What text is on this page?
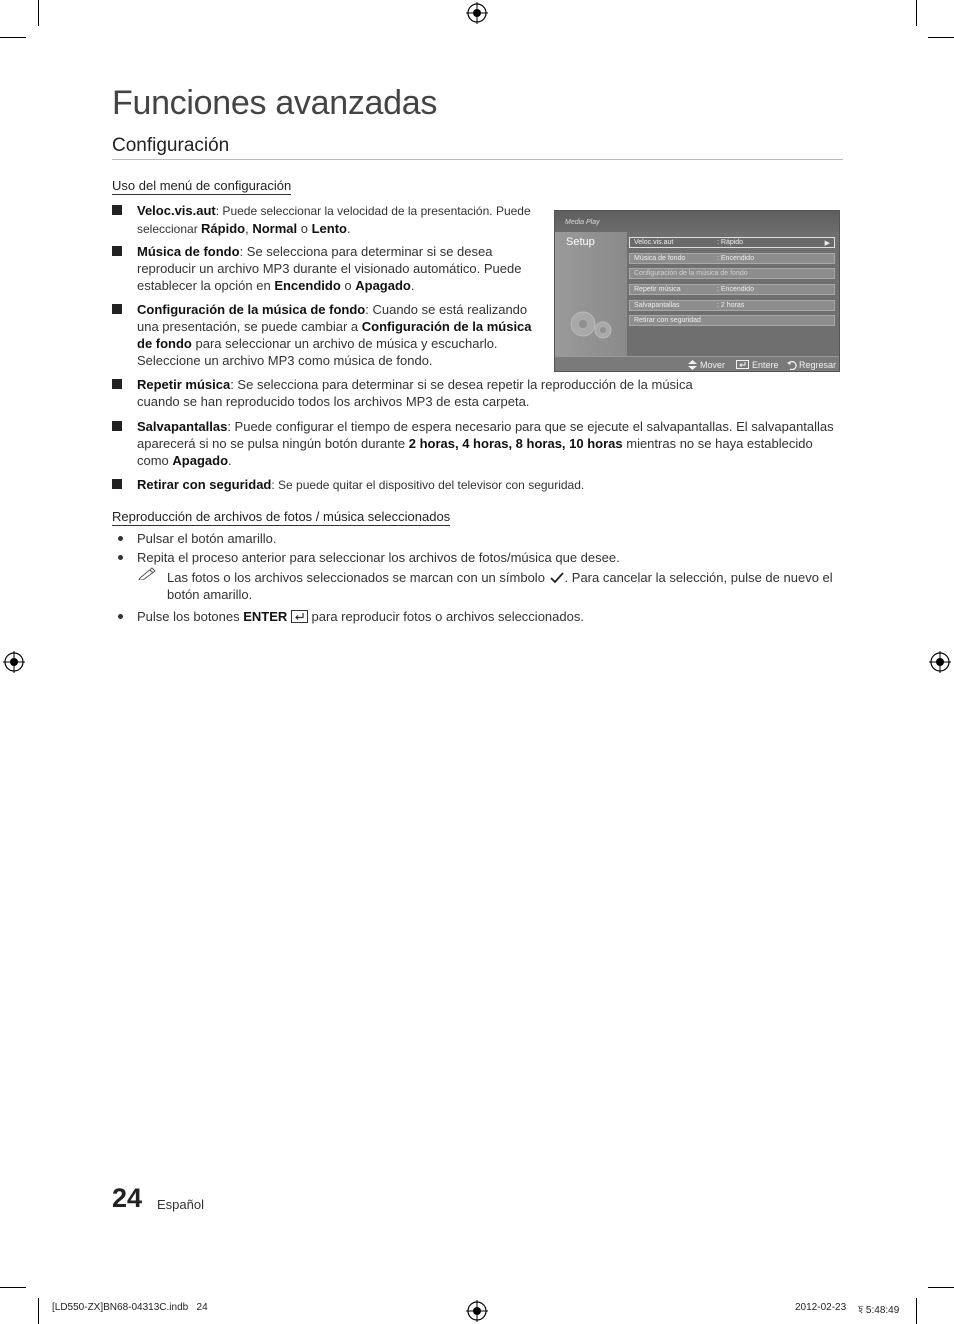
Funciones avanzadas
Configuración
Uso del menú de configuración
Veloc.vis.aut: Puede seleccionar la velocidad de la presentación. Puede seleccionar Rápido, Normal o Lento.
Música de fondo: Se selecciona para determinar si se desea reproducir un archivo MP3 durante el visionado automático. Puede establecer la opción en Encendido o Apagado.
Configuración de la música de fondo: Cuando se está realizando una presentación, se puede cambiar a Configuración de la música de fondo para seleccionar un archivo de música y escucharlo. Seleccione un archivo MP3 como música de fondo.
Repetir música: Se selecciona para determinar si se desea repetir la reproducción de la música cuando se han reproducido todos los archivos MP3 de esta carpeta.
Salvapantallas: Puede configurar el tiempo de espera necesario para que se ejecute el salvapantallas. El salvapantallas aparecerá si no se pulsa ningún botón durante 2 horas, 4 horas, 8 horas, 10 horas mientras no se haya establecido como Apagado.
Retirar con seguridad: Se puede quitar el dispositivo del televisor con seguridad.
Media Play
Setup	Veloc.vis.aut	: Rápido	▶
Música de fondo	: Encendido
Configuración de la música de fondo
Repetir música	: Encendido
Salvapantallas	: 2 horas
Retirar con seguridad
Mover	Entere Regresar
Reproducción de archivos de fotos / música seleccionados
Pulsar el botón amarillo.
Repita el proceso anterior para seleccionar los archivos de fotos/música que desee.
Las fotos o los archivos seleccionados se marcan con un símbolo . Para cancelar la selección, pulse de nuevo el botón amarillo.
Pulse los botones ENTER  para reproducir fotos o archivos seleccionados.
24 Español
[LD550-ZX]BN68-04313C.indb   24	2012-02-23 ꠁ 5:48:49
